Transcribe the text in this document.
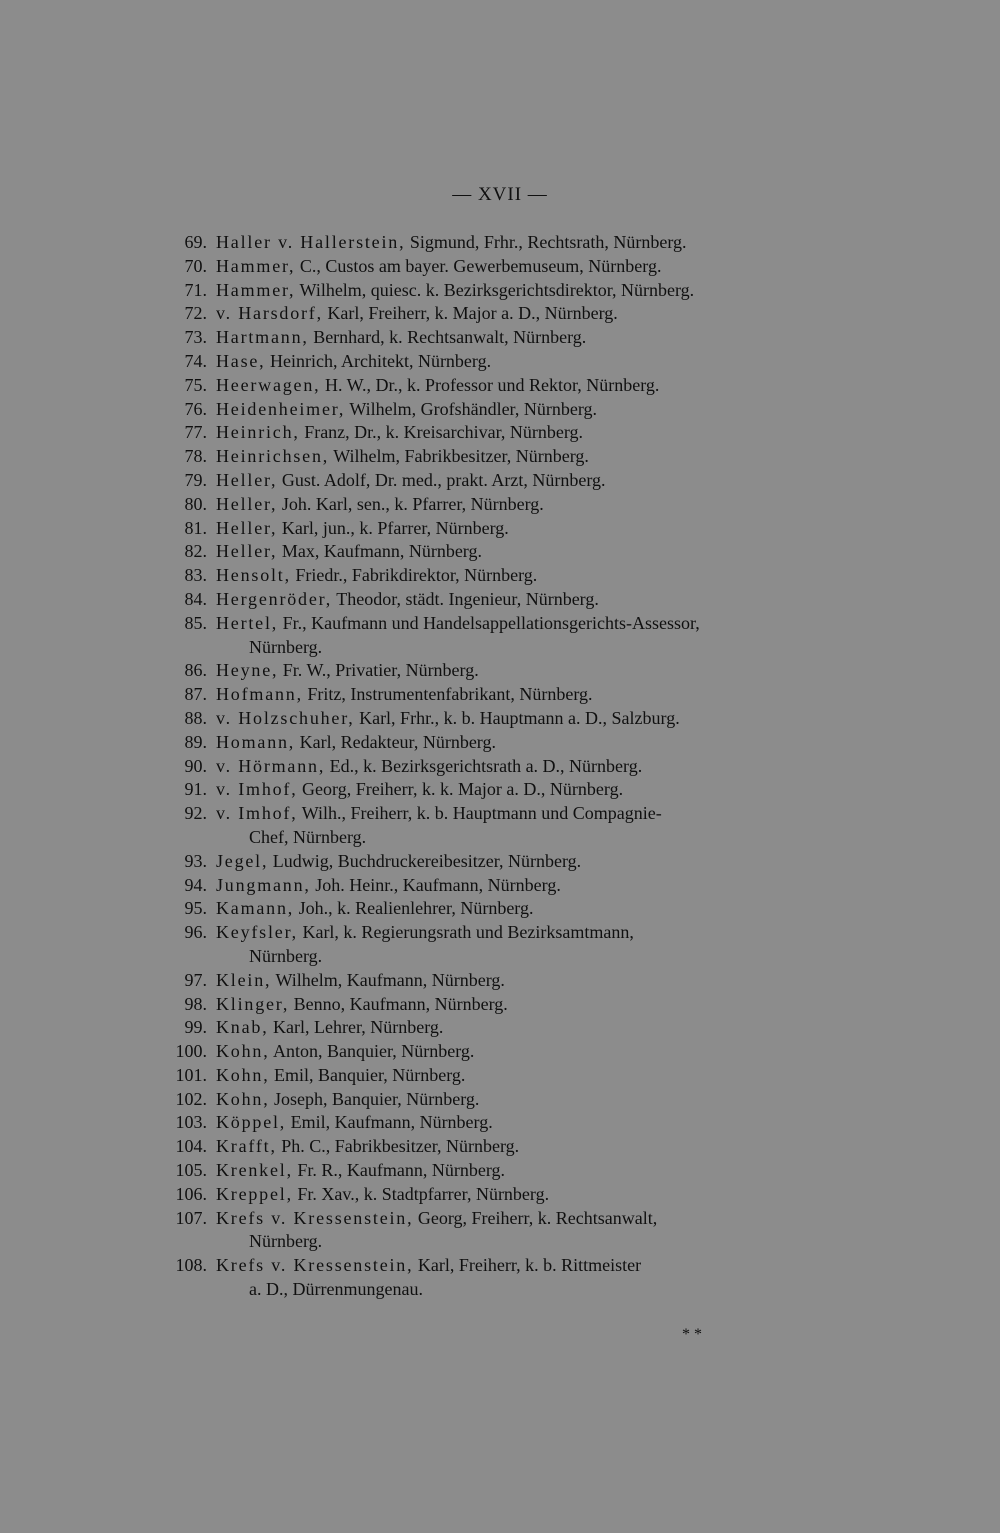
— XVII —
69. Haller v. Hallerstein, Sigmund, Frhr., Rechtsrath, Nürnberg.
70. Hammer, C., Custos am bayer. Gewerbemuseum, Nürnberg.
71. Hammer, Wilhelm, quiesc. k. Bezirksgerichtsdirektor, Nürnberg.
72. v. Harsdorf, Karl, Freiherr, k. Major a. D., Nürnberg.
73. Hartmann, Bernhard, k. Rechtsanwalt, Nürnberg.
74. Hase, Heinrich, Architekt, Nürnberg.
75. Heerwagen, H. W., Dr., k. Professor und Rektor, Nürnberg.
76. Heidenheimer, Wilhelm, Grofshändler, Nürnberg.
77. Heinrich, Franz, Dr., k. Kreisarchivar, Nürnberg.
78. Heinrichsen, Wilhelm, Fabrikbesitzer, Nürnberg.
79. Heller, Gust. Adolf, Dr. med., prakt. Arzt, Nürnberg.
80. Heller, Joh. Karl, sen., k. Pfarrer, Nürnberg.
81. Heller, Karl, jun., k. Pfarrer, Nürnberg.
82. Heller, Max, Kaufmann, Nürnberg.
83. Hensolt, Friedr., Fabrikdirektor, Nürnberg.
84. Hergenröder, Theodor, städt. Ingenieur, Nürnberg.
85. Hertel, Fr., Kaufmann und Handelsappellationsgerichts-Assessor,
Nürnberg.
86. Heyne, Fr. W., Privatier, Nürnberg.
87. Hofmann, Fritz, Instrumentenfabrikant, Nürnberg.
88. v. Holzschuher, Karl, Frhr., k. b. Hauptmann a. D., Salzburg.
89. Homann, Karl, Redakteur, Nürnberg.
90. v. Hörmann, Ed., k. Bezirksgerichtsrath a. D., Nürnberg.
91. v. Imhof, Georg, Freiherr, k. k. Major a. D., Nürnberg.
92. v. Imhof, Wilh., Freiherr, k. b. Hauptmann und Compagnie-
Chef, Nürnberg.
93. Jegel, Ludwig, Buchdruckereibesitzer, Nürnberg.
94. Jungmann, Joh. Heinr., Kaufmann, Nürnberg.
95. Kamann, Joh., k. Realienlehrer, Nürnberg.
96. Keyfsler, Karl, k. Regierungsrath und Bezirksamtmann,
Nürnberg.
97. Klein, Wilhelm, Kaufmann, Nürnberg.
98. Klinger, Benno, Kaufmann, Nürnberg.
99. Knab, Karl, Lehrer, Nürnberg.
100. Kohn, Anton, Banquier, Nürnberg.
101. Kohn, Emil, Banquier, Nürnberg.
102. Kohn, Joseph, Banquier, Nürnberg.
103. Köppel, Emil, Kaufmann, Nürnberg.
104. Krafft, Ph. C., Fabrikbesitzer, Nürnberg.
105. Krenkel, Fr. R., Kaufmann, Nürnberg.
106. Kreppel, Fr. Xav., k. Stadtpfarrer, Nürnberg.
107. Krefs v. Kressenstein, Georg, Freiherr, k. Rechtsanwalt,
Nürnberg.
108. Krefs v. Kressenstein, Karl, Freiherr, k. b. Rittmeister
a. D., Dürrenmungenau.
**
